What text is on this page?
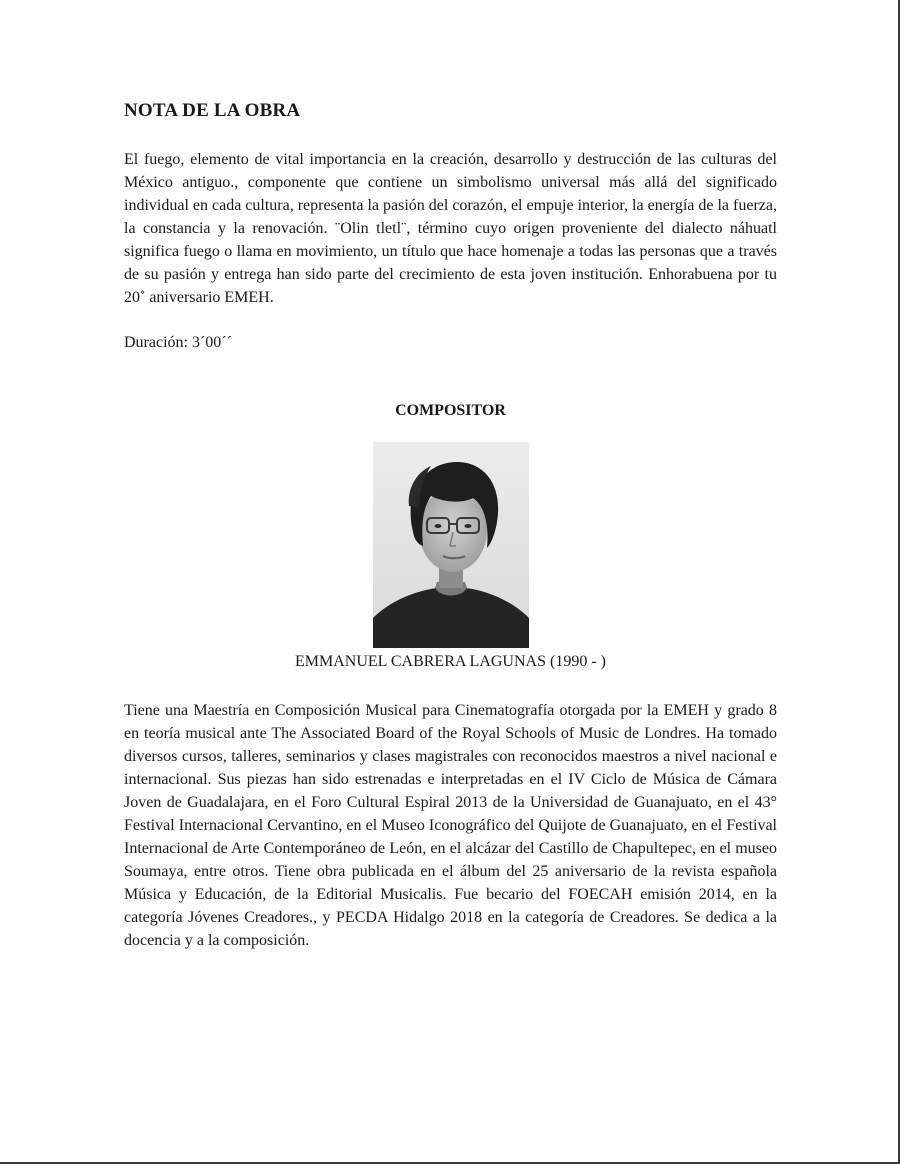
NOTA DE LA OBRA

El fuego, elemento de vital importancia en la creación, desarrollo y destrucción de las culturas del México antiguo., componente que contiene un simbolismo universal más allá del significado individual en cada cultura, representa la pasión del corazón, el empuje interior, la energía de la fuerza, la constancia y la renovación. ¨Olin tletl¨, término cuyo origen proveniente del dialecto náhuatl significa fuego o llama en movimiento, un título que hace homenaje a todas las personas que a través de su pasión y entrega han sido parte del crecimiento de esta joven institución. Enhorabuena por tu 20˚ aniversario EMEH.

Duración: 3´00´´
COMPOSITOR
EMMANUEL CABRERA LAGUNAS (1990 - )

Tiene una Maestría en Composición Musical para Cinematografía otorgada por la EMEH y grado 8 en teoría musical ante The Associated Board of the Royal Schools of Music de Londres. Ha tomado diversos cursos, talleres, seminarios y clases magistrales con reconocidos maestros a nivel nacional e internacional. Sus piezas han sido estrenadas e interpretadas en el IV Ciclo de Música de Cámara Joven de Guadalajara, en el Foro Cultural Espiral 2013 de la Universidad de Guanajuato, en el 43° Festival Internacional Cervantino, en el Museo Iconográfico del Quijote de Guanajuato, en el Festival Internacional de Arte Contemporáneo de León, en el alcázar del Castillo de Chapultepec, en el museo Soumaya, entre otros. Tiene obra publicada en el álbum del 25 aniversario de la revista española Música y Educación, de la Editorial Musicalis. Fue becario del FOECAH emisión 2014, en la categoría Jóvenes Creadores., y PECDA Hidalgo 2018 en la categoría de Creadores. Se dedica a la docencia y a la composición.
